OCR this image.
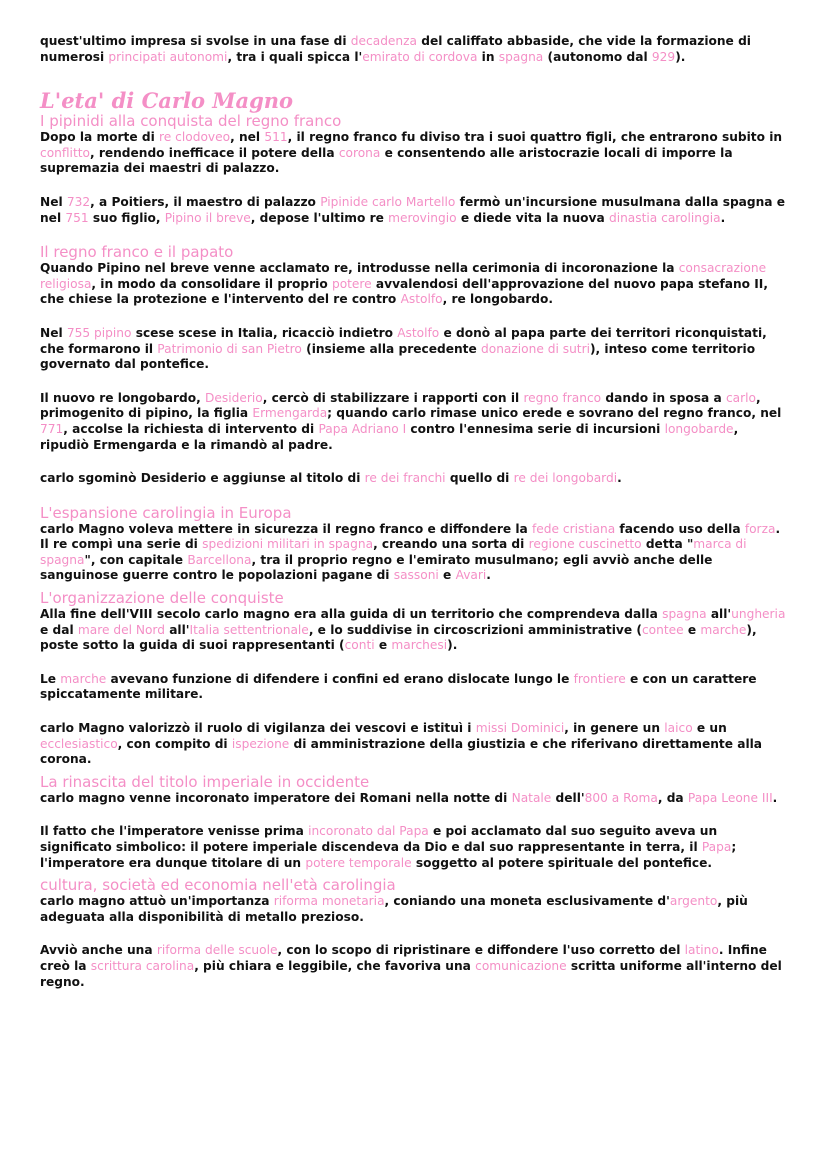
quest'ultimo impresa si svolse in una fase di decadenza del califfato abbaside, che vide la formazione di numerosi principati autonomi, tra i quali spicca l'emirato di cordova in spagna (autonomo dal 929).

L'eta' di Carlo Magno
I pipinidi alla conquista del regno franco

Dopo la morte di re clodoveo, nel 511, il regno franco fu diviso tra i suoi quattro figli, che entrarono subito in conflitto, rendendo inefficace il potere della corona e consentendo alle aristocrazie locali di imporre la supremazia dei maestri di palazzo.

Nel 732, a Poitiers, il maestro di palazzo Pipinide carlo Martello fermò un'incursione musulmana dalla spagna e nel 751 suo figlio, Pipino il breve, depose l'ultimo re merovingio e diede vita la nuova dinastia carolingia.

Il regno franco e il papato

Quando Pipino nel breve venne acclamato re, introdusse nella cerimonia di incoronazione la consacrazione religiosa, in modo da consolidare il proprio potere avvalendosi dell'approvazione del nuovo papa stefano II, che chiese la protezione e l'intervento del re contro Astolfo, re longobardo.

Nel 755 pipino scese scese in Italia, ricacciò indietro Astolfo e donò al papa parte dei territori riconquistati, che formarono il Patrimonio di san Pietro (insieme alla precedente donazione di sutri), inteso come territorio governato dal pontefice.

Il nuovo re longobardo, Desiderio, cercò di stabilizzare i rapporti con il regno franco dando in sposa a carlo, primogenito di pipino, la figlia Ermengarda; quando carlo rimase unico erede e sovrano del regno franco, nel 771, accolse la richiesta di intervento di Papa Adriano I contro l'ennesima serie di incursioni longobarde, ripudiò Ermengarda e la rimandò al padre.

carlo sgominò Desiderio e aggiunse al titolo di re dei franchi quello di re dei longobardi.

L'espansione carolingia in Europa

carlo Magno voleva mettere in sicurezza il regno franco e diffondere la fede cristiana facendo uso della forza. Il re compì una serie di spedizioni militari in spagna, creando una sorta di regione cuscinetto detta "marca di spagna", con capitale Barcellona, tra il proprio regno e l'emirato musulmano; egli avviò anche delle sanguinose guerre contro le popolazioni pagane di sassoni e Avari.

L'organizzazione delle conquiste

Alla fine dell'VIII secolo carlo magno era alla guida di un territorio che comprendeva dalla spagna all'ungheria e dal mare del Nord all'Italia settentrionale, e lo suddivise in circoscrizioni amministrative (contee e marche), poste sotto la guida di suoi rappresentanti (conti e marchesi).

Le marche avevano funzione di difendere i confini ed erano dislocate lungo le frontiere e con un carattere spiccatamente militare.

carlo Magno valorizzò il ruolo di vigilanza dei vescovi e istituì i missi Dominici, in genere un laico e un ecclesiastico, con compito di ispezione di amministrazione della giustizia e che riferivano direttamente alla corona.

La rinascita del titolo imperiale in occidente

carlo magno venne incoronato imperatore dei Romani nella notte di Natale dell'800 a Roma, da Papa Leone III.

Il fatto che l'imperatore venisse prima incoronato dal Papa e poi acclamato dal suo seguito aveva un significato simbolico: il potere imperiale discendeva da Dio e dal suo rappresentante in terra, il Papa; l'imperatore era dunque titolare di un potere temporale soggetto al potere spirituale del pontefice.

cultura, società ed economia nell'età carolingia

carlo magno attuò un'importanza riforma monetaria, coniando una moneta esclusivamente d'argento, più adeguata alla disponibilità di metallo prezioso.

Avviò anche una riforma delle scuole, con lo scopo di ripristinare e diffondere l'uso corretto del latino. Infine creò la scrittura carolina, più chiara e leggibile, che favoriva una comunicazione scritta uniforme all'interno del regno.
